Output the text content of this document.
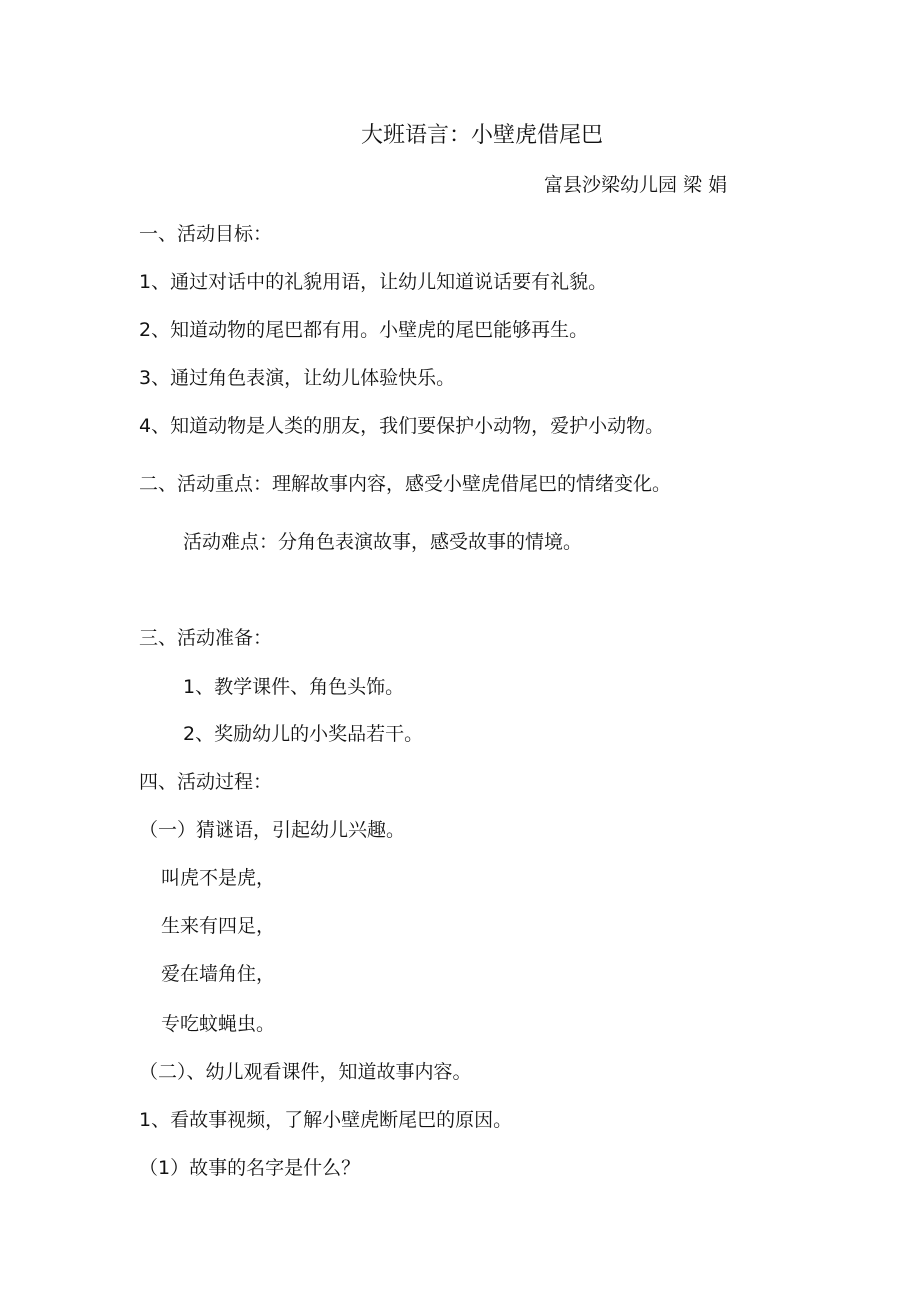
大班语言：小壁虎借尾巴
富县沙梁幼儿园 梁 娟
一、活动目标：
1、通过对话中的礼貌用语，让幼儿知道说话要有礼貌。
2、知道动物的尾巴都有用。小壁虎的尾巴能够再生。
3、通过角色表演，让幼儿体验快乐。
4、知道动物是人类的朋友，我们要保护小动物，爱护小动物。
二、活动重点：理解故事内容，感受小壁虎借尾巴的情绪变化。
活动难点：分角色表演故事，感受故事的情境。
三、活动准备：
1、教学课件、角色头饰。
2、奖励幼儿的小奖品若干。
四、活动过程：
（一）猜谜语，引起幼儿兴趣。
叫虎不是虎，
生来有四足，
爱在墙角住，
专吃蚊蝇虫。
（二）、幼儿观看课件，知道故事内容。
1、看故事视频，了解小壁虎断尾巴的原因。
（1）故事的名字是什么？
